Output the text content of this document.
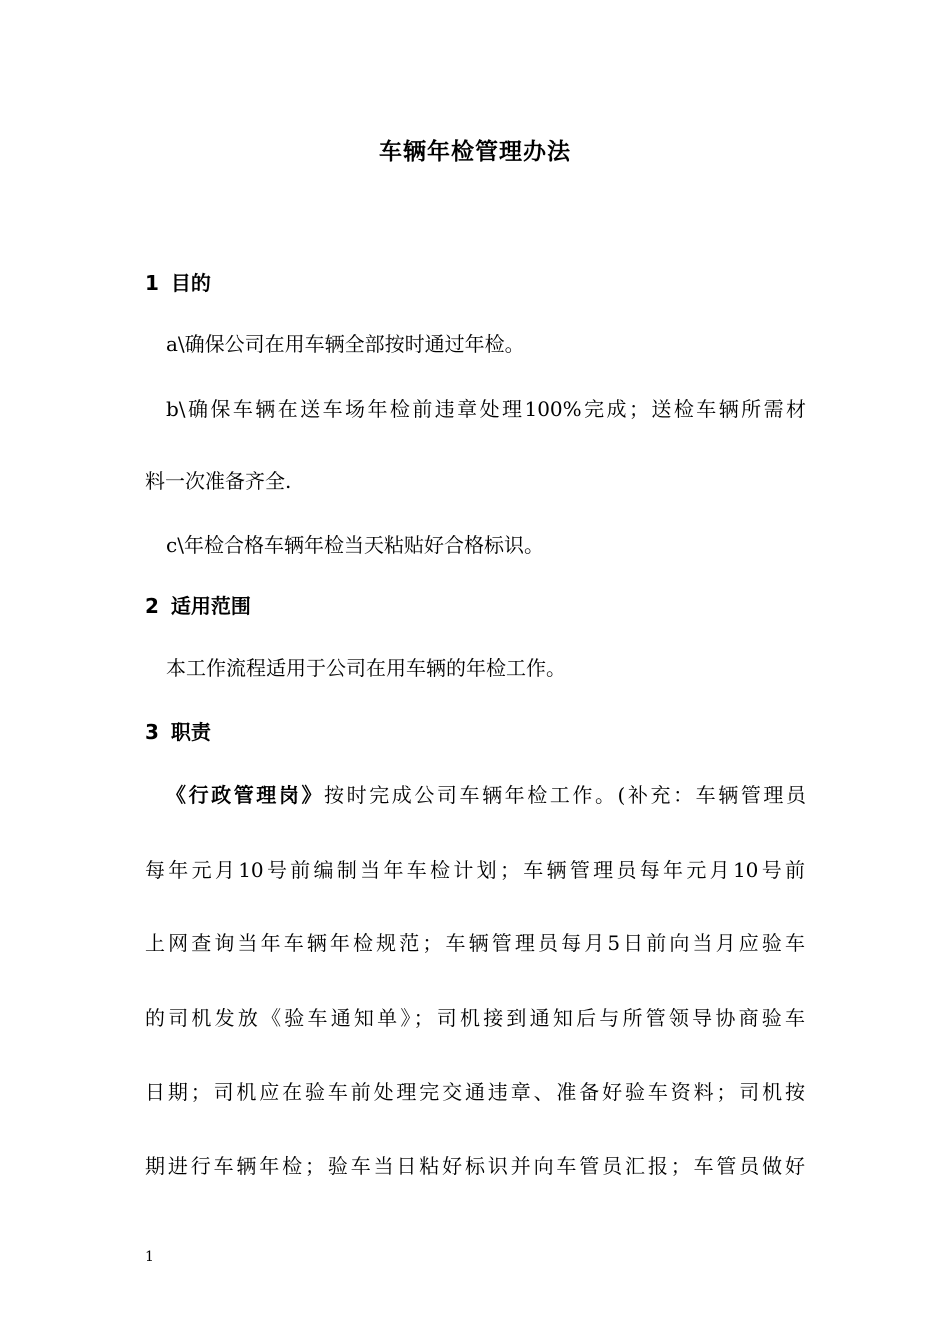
车辆年检管理办法
1 目的
a\确保公司在用车辆全部按时通过年检。
b\确保车辆在送车场年检前违章处理100%完成；送检车辆所需材
料一次准备齐全.
c\年检合格车辆年检当天粘贴好合格标识。
2 适用范围
本工作流程适用于公司在用车辆的年检工作。
3 职责
《行政管理岗》按时完成公司车辆年检工作。(补充：车辆管理员
每年元月10号前编制当年车检计划；车辆管理员每年元月10号前
上网查询当年车辆年检规范；车辆管理员每月5日前向当月应验车
的司机发放《验车通知单》；司机接到通知后与所管领导协商验车
日期；司机应在验车前处理完交通违章、准备好验车资料；司机按
期进行车辆年检；验车当日粘好标识并向车管员汇报；车管员做好
1
